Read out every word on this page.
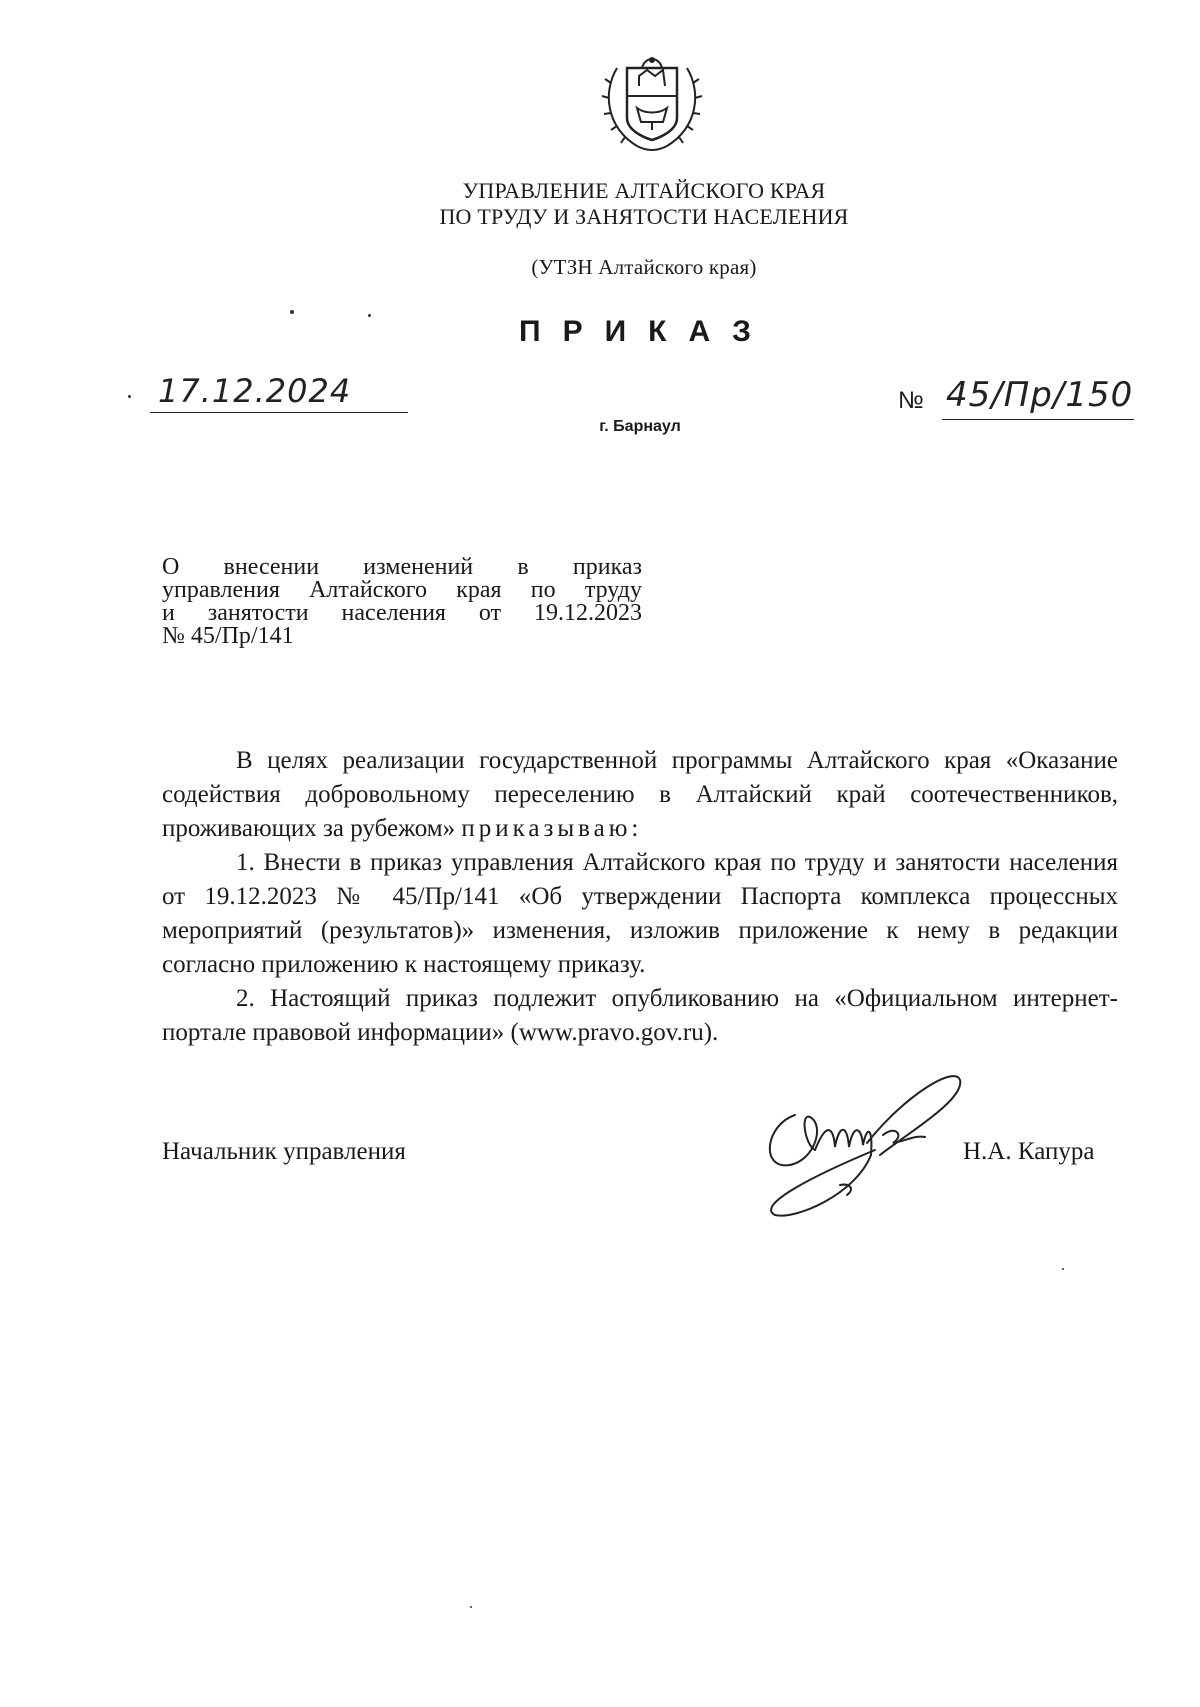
УПРАВЛЕНИЕ АЛТАЙСКОГО КРАЯ
ПО ТРУДУ И ЗАНЯТОСТИ НАСЕЛЕНИЯ
(УТЗН Алтайского края)
ПРИКАЗ
17.12.2024	№ 45/Пр/150
г. Барнаул
О внесении изменений в приказ
управления Алтайского края по труду
и занятости населения от 19.12.2023
№ 45/Пр/141

В целях реализации государственной программы Алтайского края «Оказание содействия добровольному переселению в Алтайский край соотечественников, проживающих за рубежом» приказываю:

1. Внести в приказ управления Алтайского края по труду и занятости населения от 19.12.2023 № 45/Пр/141 «Об утверждении Паспорта комплекса процессных мероприятий (результатов)» изменения, изложив приложение к нему в редакции согласно приложению к настоящему приказу.

2. Настоящий приказ подлежит опубликованию на «Официальном интернет-портале правовой информации» (www.pravo.gov.ru).

Начальник управления	Н.А. Капура
